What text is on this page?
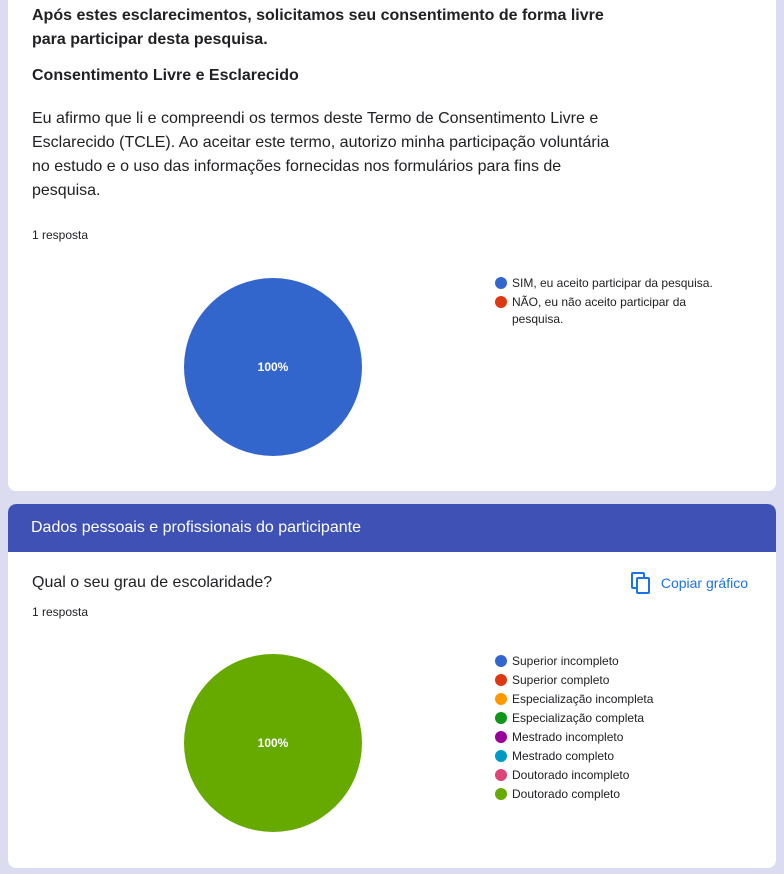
Após estes esclarecimentos, solicitamos seu consentimento de forma livre para participar desta pesquisa.
Consentimento Livre e Esclarecido
Eu afirmo que li e compreendi os termos deste Termo de Consentimento Livre e Esclarecido (TCLE). Ao aceitar este termo, autorizo minha participação voluntária no estudo e o uso das informações fornecidas nos formulários para fins de pesquisa.
1 resposta
100%
SIM, eu aceito participar da pesquisa.
NÃO, eu não aceito participar da pesquisa.
Dados pessoais e profissionais do participante
Qual o seu grau de escolaridade?	Copiar gráfico
1 resposta
100%
Superior incompleto
Superior completo
Especialização incompleta
Especialização completa
Mestrado incompleto
Mestrado completo
Doutorado incompleto
Doutorado completo
